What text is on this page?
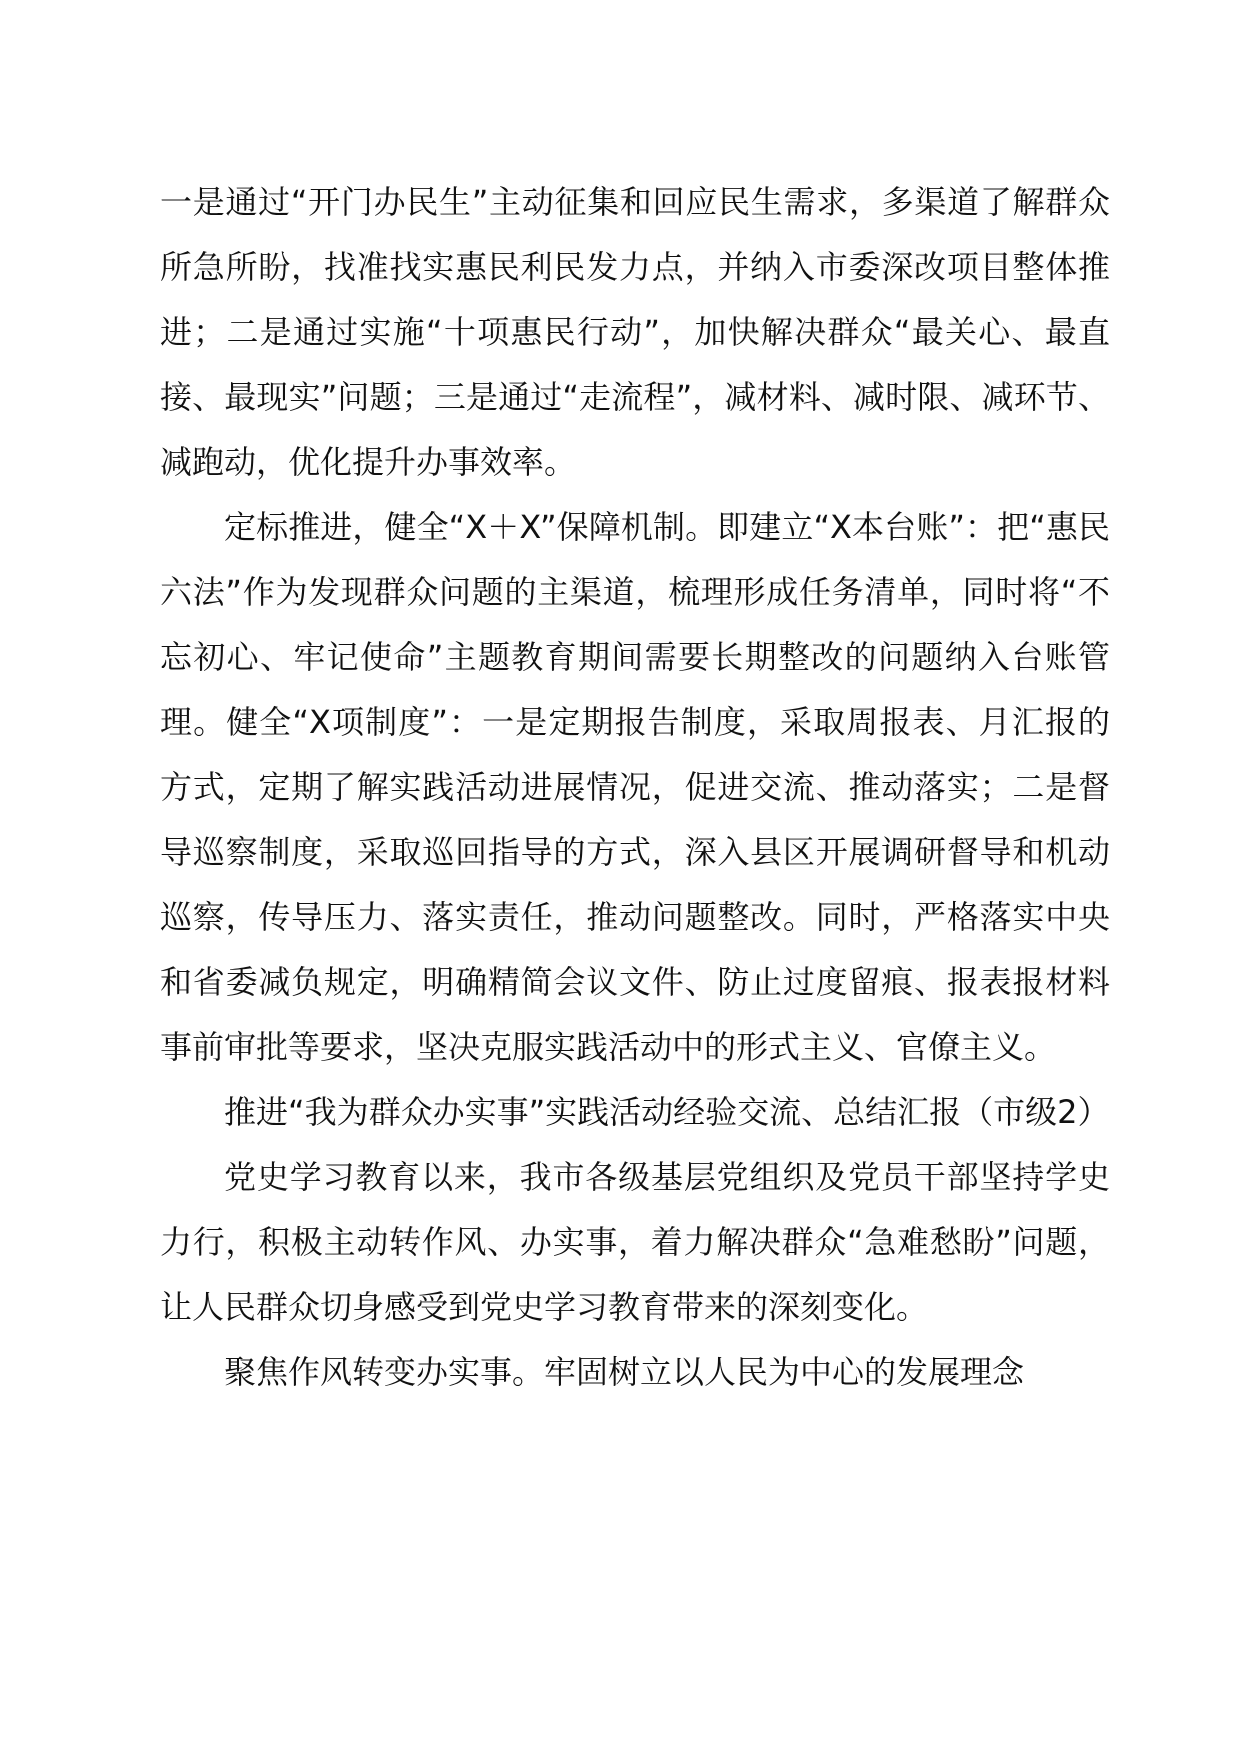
一是通过“开门办民生”主动征集和回应民生需求，多渠道了解群众所急所盼，找准找实惠民利民发力点，并纳入市委深改项目整体推进；二是通过实施“十项惠民行动”，加快解决群众“最关心、最直接、最现实”问题；三是通过“走流程”，减材料、减时限、减环节、减跑动，优化提升办事效率。

定标推进，健全“X＋X”保障机制。即建立“X本台账”：把“惠民六法”作为发现群众问题的主渠道，梳理形成任务清单，同时将“不忘初心、牢记使命”主题教育期间需要长期整改的问题纳入台账管理。健全“X项制度”：一是定期报告制度，采取周报表、月汇报的方式，定期了解实践活动进展情况，促进交流、推动落实；二是督导巡察制度，采取巡回指导的方式，深入县区开展调研督导和机动巡察，传导压力、落实责任，推动问题整改。同时，严格落实中央和省委减负规定，明确精简会议文件、防止过度留痕、报表报材料事前审批等要求，坚决克服实践活动中的形式主义、官僚主义。

推进“我为群众办实事”实践活动经验交流、总结汇报（市级2）

党史学习教育以来，我市各级基层党组织及党员干部坚持学史力行，积极主动转作风、办实事，着力解决群众“急难愁盼”问题，让人民群众切身感受到党史学习教育带来的深刻变化。

聚焦作风转变办实事。牢固树立以人民为中心的发展理念
